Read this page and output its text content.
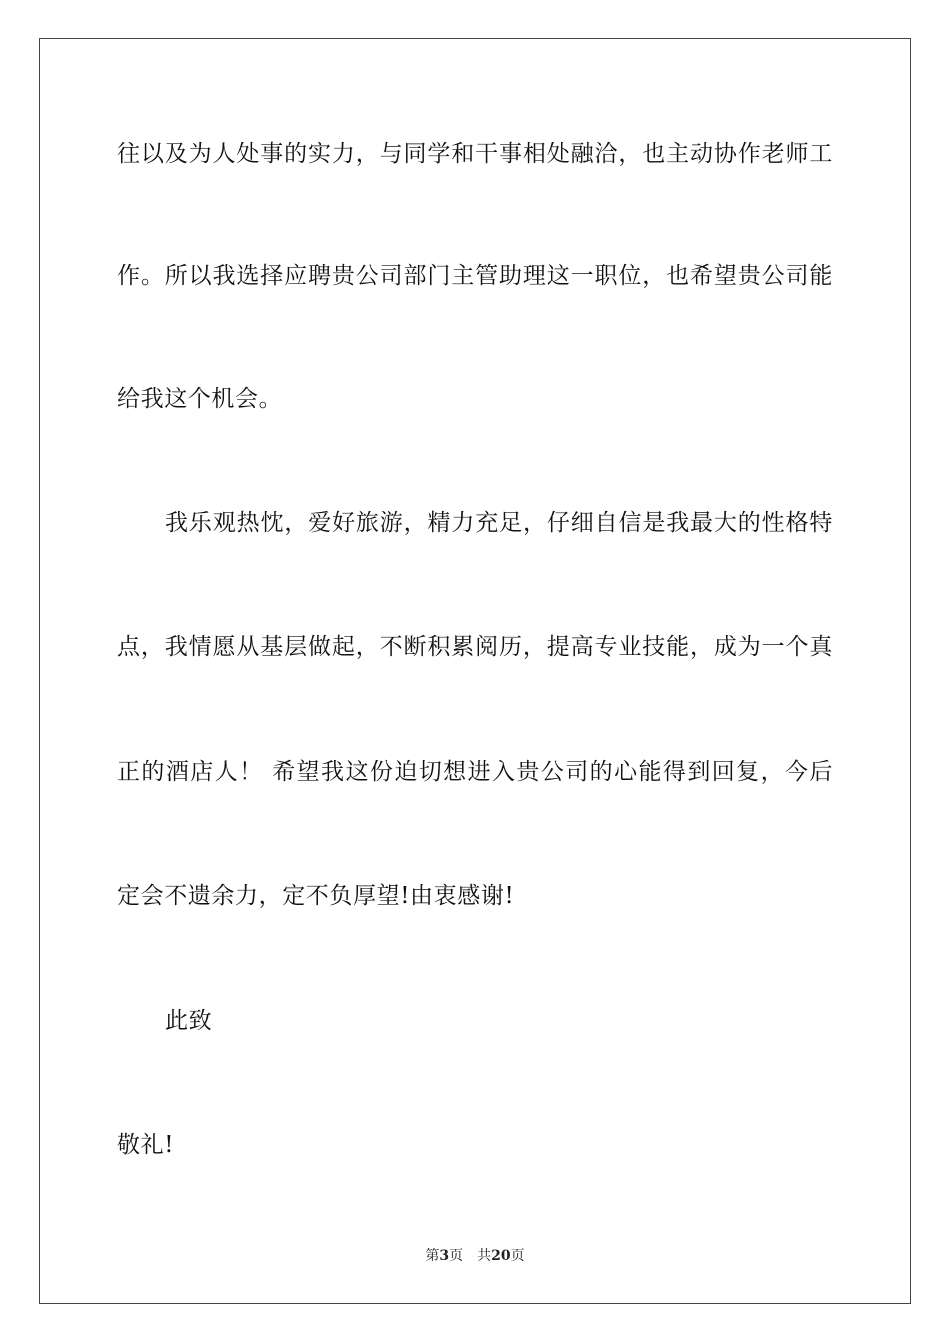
往以及为人处事的实力，与同学和干事相处融洽，也主动协作老师工
作。所以我选择应聘贵公司部门主管助理这一职位，也希望贵公司能
给我这个机会。
我乐观热忱，爱好旅游，精力充足，仔细自信是我最大的性格特
点，我情愿从基层做起，不断积累阅历，提高专业技能，成为一个真
正的酒店人！ 希望我这份迫切想进入贵公司的心能得到回复，今后
定会不遗余力，定不负厚望!由衷感谢!
此致
敬礼!
第3页 共20页
